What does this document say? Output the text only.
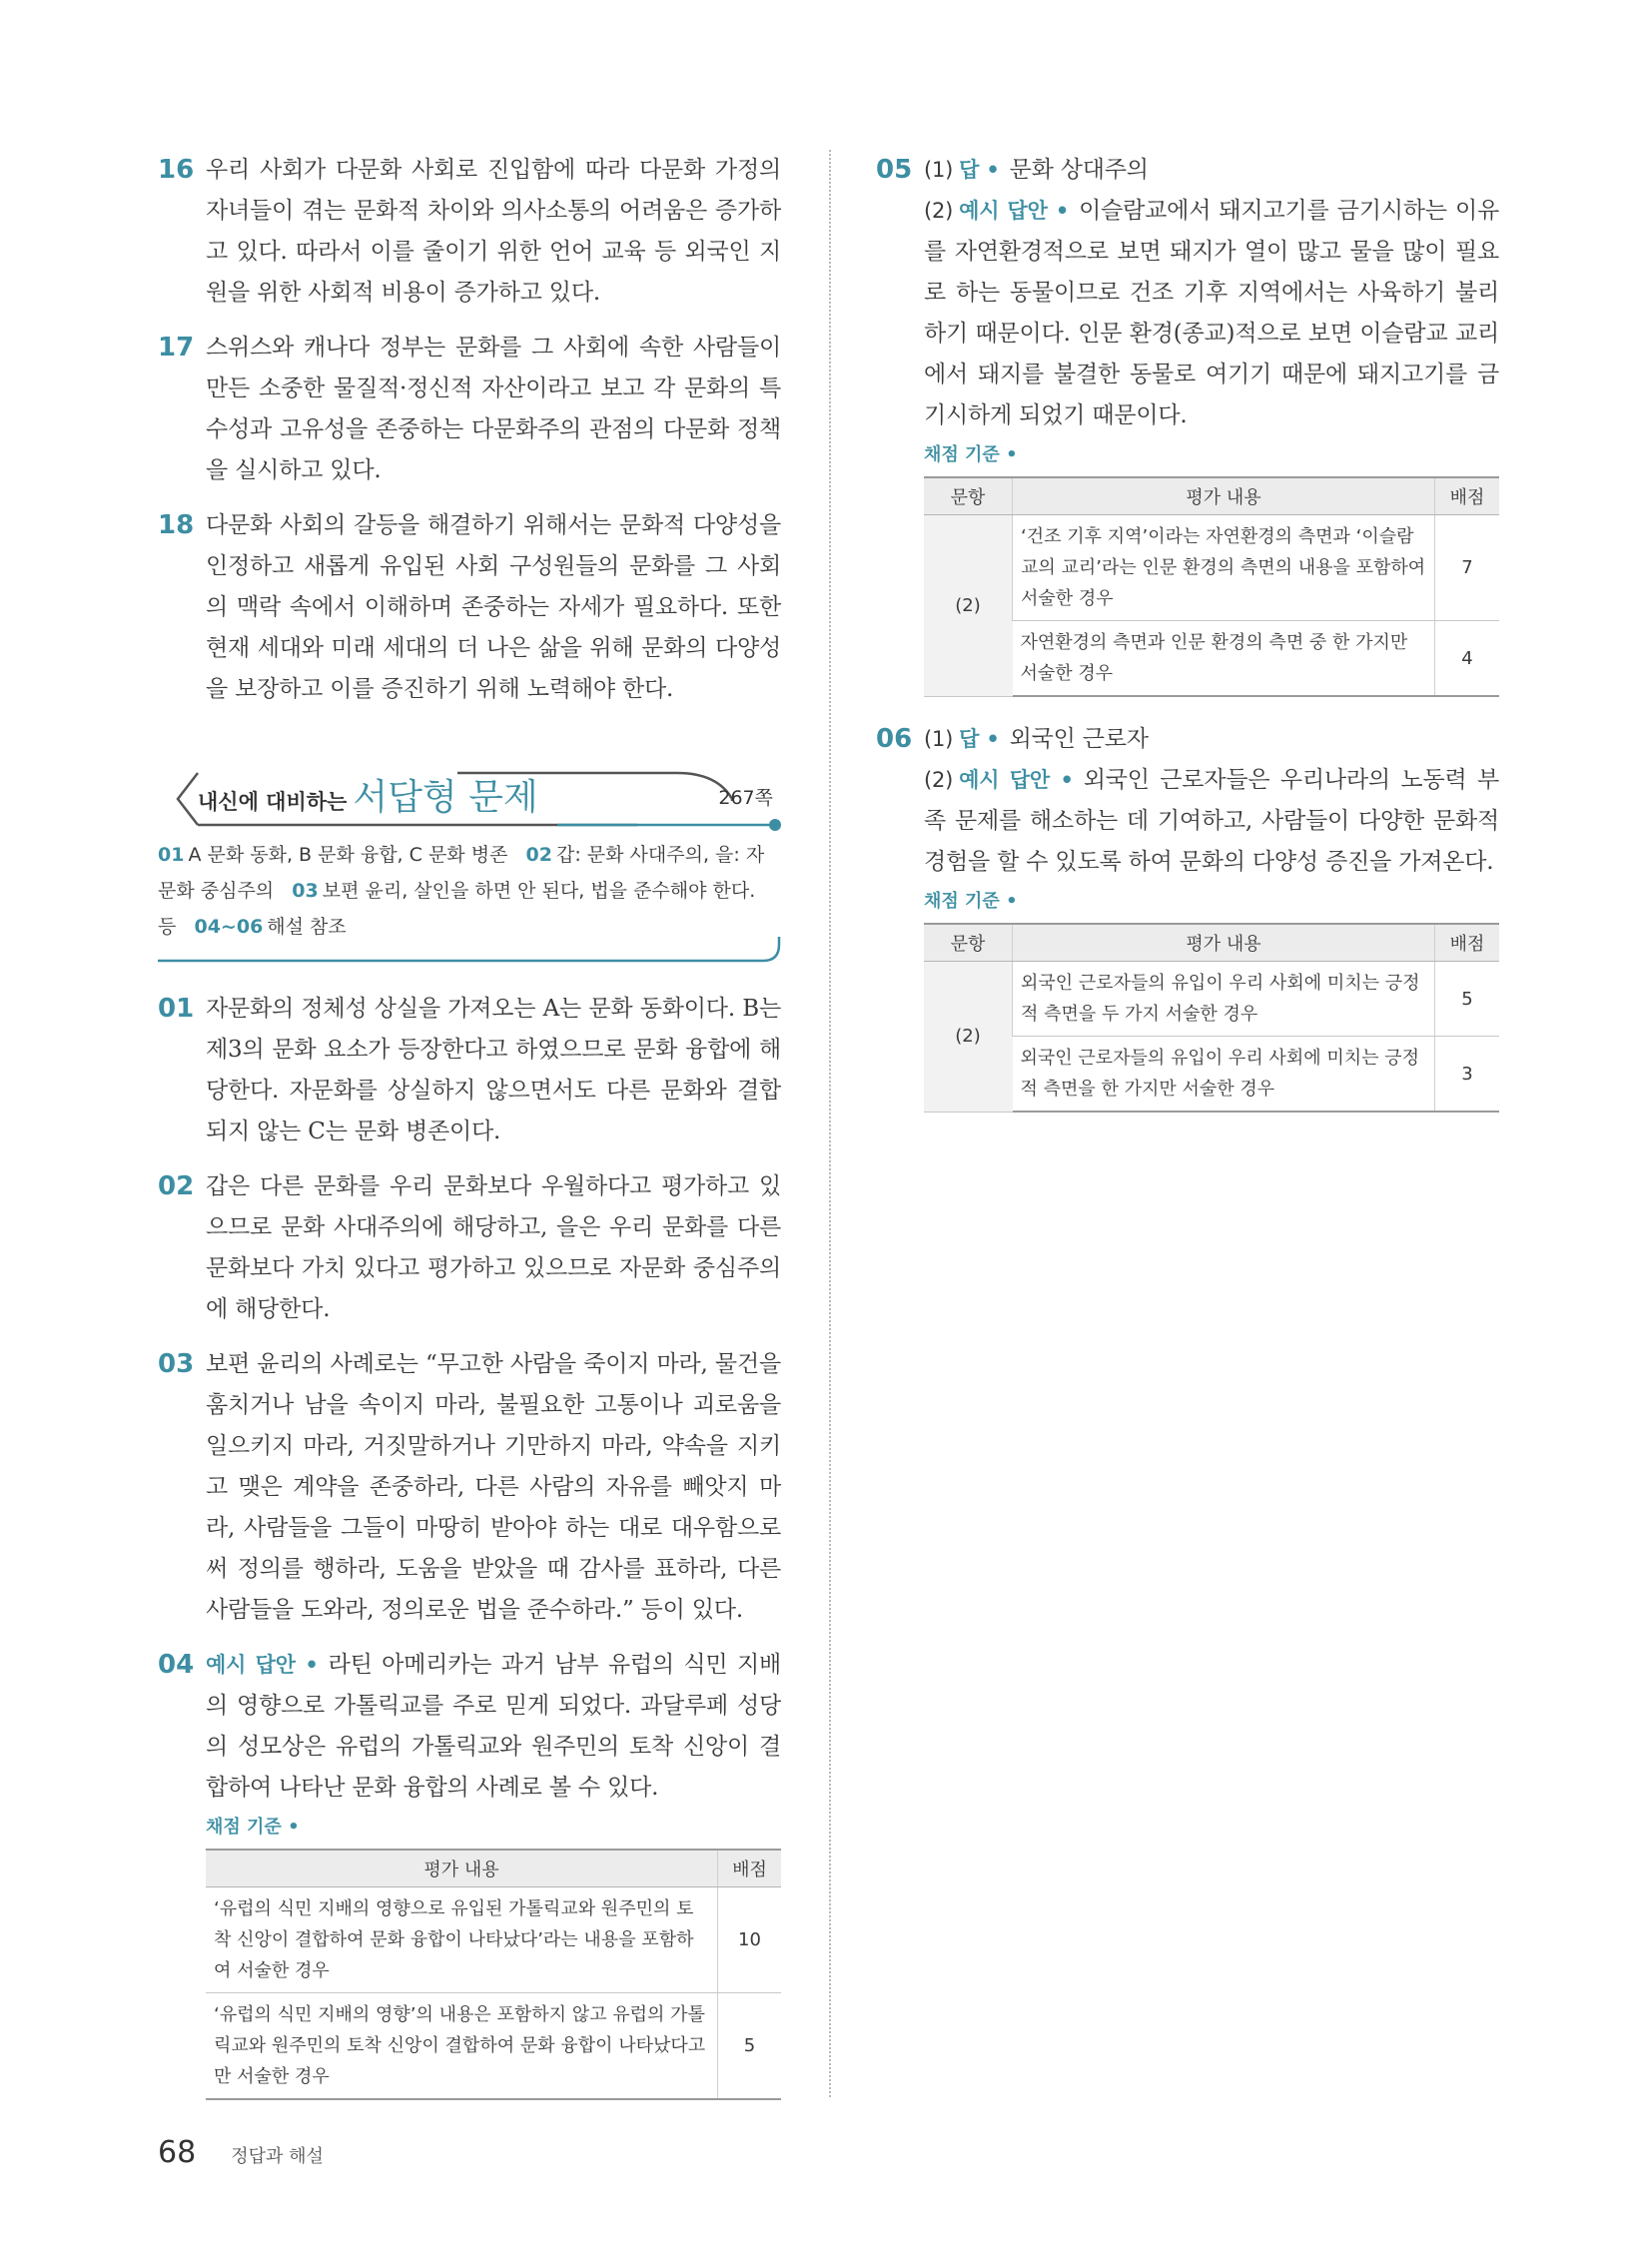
16 우리 사회가 다문화 사회로 진입함에 따라 다문화 가정의 자녀들이 겪는 문화적 차이와 의사소통의 어려움은 증가하고 있다. 따라서 이를 줄이기 위한 언어 교육 등 외국인 지원을 위한 사회적 비용이 증가하고 있다.
17 스위스와 캐나다 정부는 문화를 그 사회에 속한 사람들이 만든 소중한 물질적·정신적 자산이라고 보고 각 문화의 특수성과 고유성을 존중하는 다문화주의 관점의 다문화 정책을 실시하고 있다.
18 다문화 사회의 갈등을 해결하기 위해서는 문화적 다양성을 인정하고 새롭게 유입된 사회 구성원들의 문화를 그 사회의 맥락 속에서 이해하며 존중하는 자세가 필요하다. 또한 현재 세대와 미래 세대의 더 나은 삶을 위해 문화의 다양성을 보장하고 이를 증진하기 위해 노력해야 한다.
내신에 대비하는 서답형 문제	267쪽
01 A 문화 동화, B 문화 융합, C 문화 병존 02 갑: 문화 사대주의, 을: 자문화 중심주의 03 보편 윤리, 살인을 하면 안 된다, 법을 준수해야 한다. 등 04~06 해설 참조
01 자문화의 정체성 상실을 가져오는 A는 문화 동화이다. B는 제3의 문화 요소가 등장한다고 하였으므로 문화 융합에 해당한다. 자문화를 상실하지 않으면서도 다른 문화와 결합되지 않는 C는 문화 병존이다.
02 갑은 다른 문화를 우리 문화보다 우월하다고 평가하고 있으므로 문화 사대주의에 해당하고, 을은 우리 문화를 다른 문화보다 가치 있다고 평가하고 있으므로 자문화 중심주의에 해당한다.
03 보편 윤리의 사례로는 “무고한 사람을 죽이지 마라, 물건을 훔치거나 남을 속이지 마라, 불필요한 고통이나 괴로움을 일으키지 마라, 거짓말하거나 기만하지 마라, 약속을 지키고 맺은 계약을 존중하라, 다른 사람의 자유를 빼앗지 마라, 사람들을 그들이 마땅히 받아야 하는 대로 대우함으로써 정의를 행하라, 도움을 받았을 때 감사를 표하라, 다른 사람들을 도와라, 정의로운 법을 준수하라.” 등이 있다.
04 예시 답안 • 라틴 아메리카는 과거 남부 유럽의 식민 지배의 영향으로 가톨릭교를 주로 믿게 되었다. 과달루페 성당의 성모상은 유럽의 가톨릭교와 원주민의 토착 신앙이 결합하여 나타난 문화 융합의 사례로 볼 수 있다.
채점 기준 •
평가 내용	배점
‘유럽의 식민 지배의 영향으로 유입된 가톨릭교와 원주민의 토착 신앙이 결합하여 문화 융합이 나타났다’라는 내용을 포함하여 서술한 경우	10
‘유럽의 식민 지배의 영향’의 내용은 포함하지 않고 유럽의 가톨릭교와 원주민의 토착 신앙이 결합하여 문화 융합이 나타났다고만 서술한 경우	5
05 (1) 답 • 문화 상대주의
(2) 예시 답안 • 이슬람교에서 돼지고기를 금기시하는 이유를 자연환경적으로 보면 돼지가 열이 많고 물을 많이 필요로 하는 동물이므로 건조 기후 지역에서는 사육하기 불리하기 때문이다. 인문 환경(종교)적으로 보면 이슬람교 교리에서 돼지를 불결한 동물로 여기기 때문에 돼지고기를 금기시하게 되었기 때문이다.
채점 기준 •
문항	평가 내용	배점
(2)	‘건조 기후 지역’이라는 자연환경의 측면과 ‘이슬람교의 교리’라는 인문 환경의 측면의 내용을 포함하여 서술한 경우	7
	자연환경의 측면과 인문 환경의 측면 중 한 가지만 서술한 경우	4
06 (1) 답 • 외국인 근로자
(2) 예시 답안 • 외국인 근로자들은 우리나라의 노동력 부족 문제를 해소하는 데 기여하고, 사람들이 다양한 문화적 경험을 할 수 있도록 하여 문화의 다양성 증진을 가져온다.
채점 기준 •
문항	평가 내용	배점
(2)	외국인 근로자들의 유입이 우리 사회에 미치는 긍정적 측면을 두 가지 서술한 경우	5
	외국인 근로자들의 유입이 우리 사회에 미치는 긍정적 측면을 한 가지만 서술한 경우	3
68 정답과 해설
